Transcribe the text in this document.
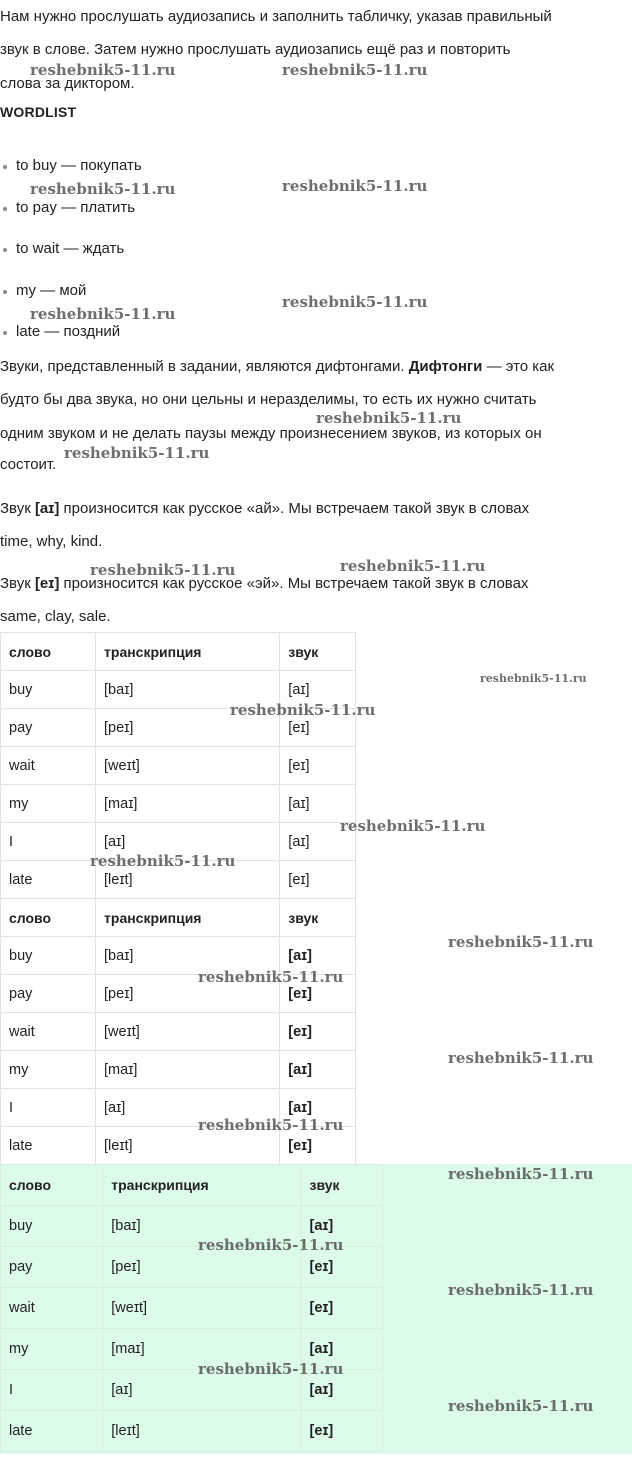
Нам нужно прослушать аудиозапись и заполнить табличку, указав правильный

звук в слове. Затем нужно прослушать аудиозапись ещё раз и повторить

слова за диктором.

WORDLIST
to buy — покупать
to pay — платить
to wait — ждать
my — мой
late — поздний

Звуки, представленный в задании, являются дифтонгами. Дифтонги — это как

будто бы два звука, но они цельны и неразделимы, то есть их нужно считать

одним звуком и не делать паузы между произнесением звуков, из которых он

состоит.

Звук [aɪ] произносится как русское «ай». Мы встречаем такой звук в словах

time, why, kind.

Звук [eɪ] произносится как русское «эй». Мы встречаем такой звук в словах

same, clay, sale.

слово	транскрипция	звук
buy	[baɪ]	[aɪ]
pay	[peɪ]	[eɪ]
wait	[weɪt]	[eɪ]
my	[maɪ]	[aɪ]
I	[aɪ]	[aɪ]
late	[leɪt]	[eɪ]
слово	транскрипция	звук
buy	[baɪ]	[aɪ]
pay	[peɪ]	[eɪ]
wait	[weɪt]	[eɪ]
my	[maɪ]	[aɪ]
I	[aɪ]	[aɪ]
late	[leɪt]	[eɪ]
слово	транскрипция	звук
buy	[baɪ]	[aɪ]
pay	[peɪ]	[eɪ]
wait	[weɪt]	[eɪ]
my	[maɪ]	[aɪ]
I	[aɪ]	[aɪ]
late	[leɪt]	[eɪ]
reshebnik5-11.ru	reshebnik5-11.ru
reshebnik5-11.ru	reshebnik5-11.ru
reshebnik5-11.ru
reshebnik5-11.ru
reshebnik5-11.ru
reshebnik5-11.ru
reshebnik5-11.ru	reshebnik5-11.ru
reshebnik5-11.ru
reshebnik5-11.ru
reshebnik5-11.ru
reshebnik5-11.ru
reshebnik5-11.ru
reshebnik5-11.ru
reshebnik5-11.ru
reshebnik5-11.ru
reshebnik5-11.ru
reshebnik5-11.ru
reshebnik5-11.ru
reshebnik5-11.ru
reshebnik5-11.ru
